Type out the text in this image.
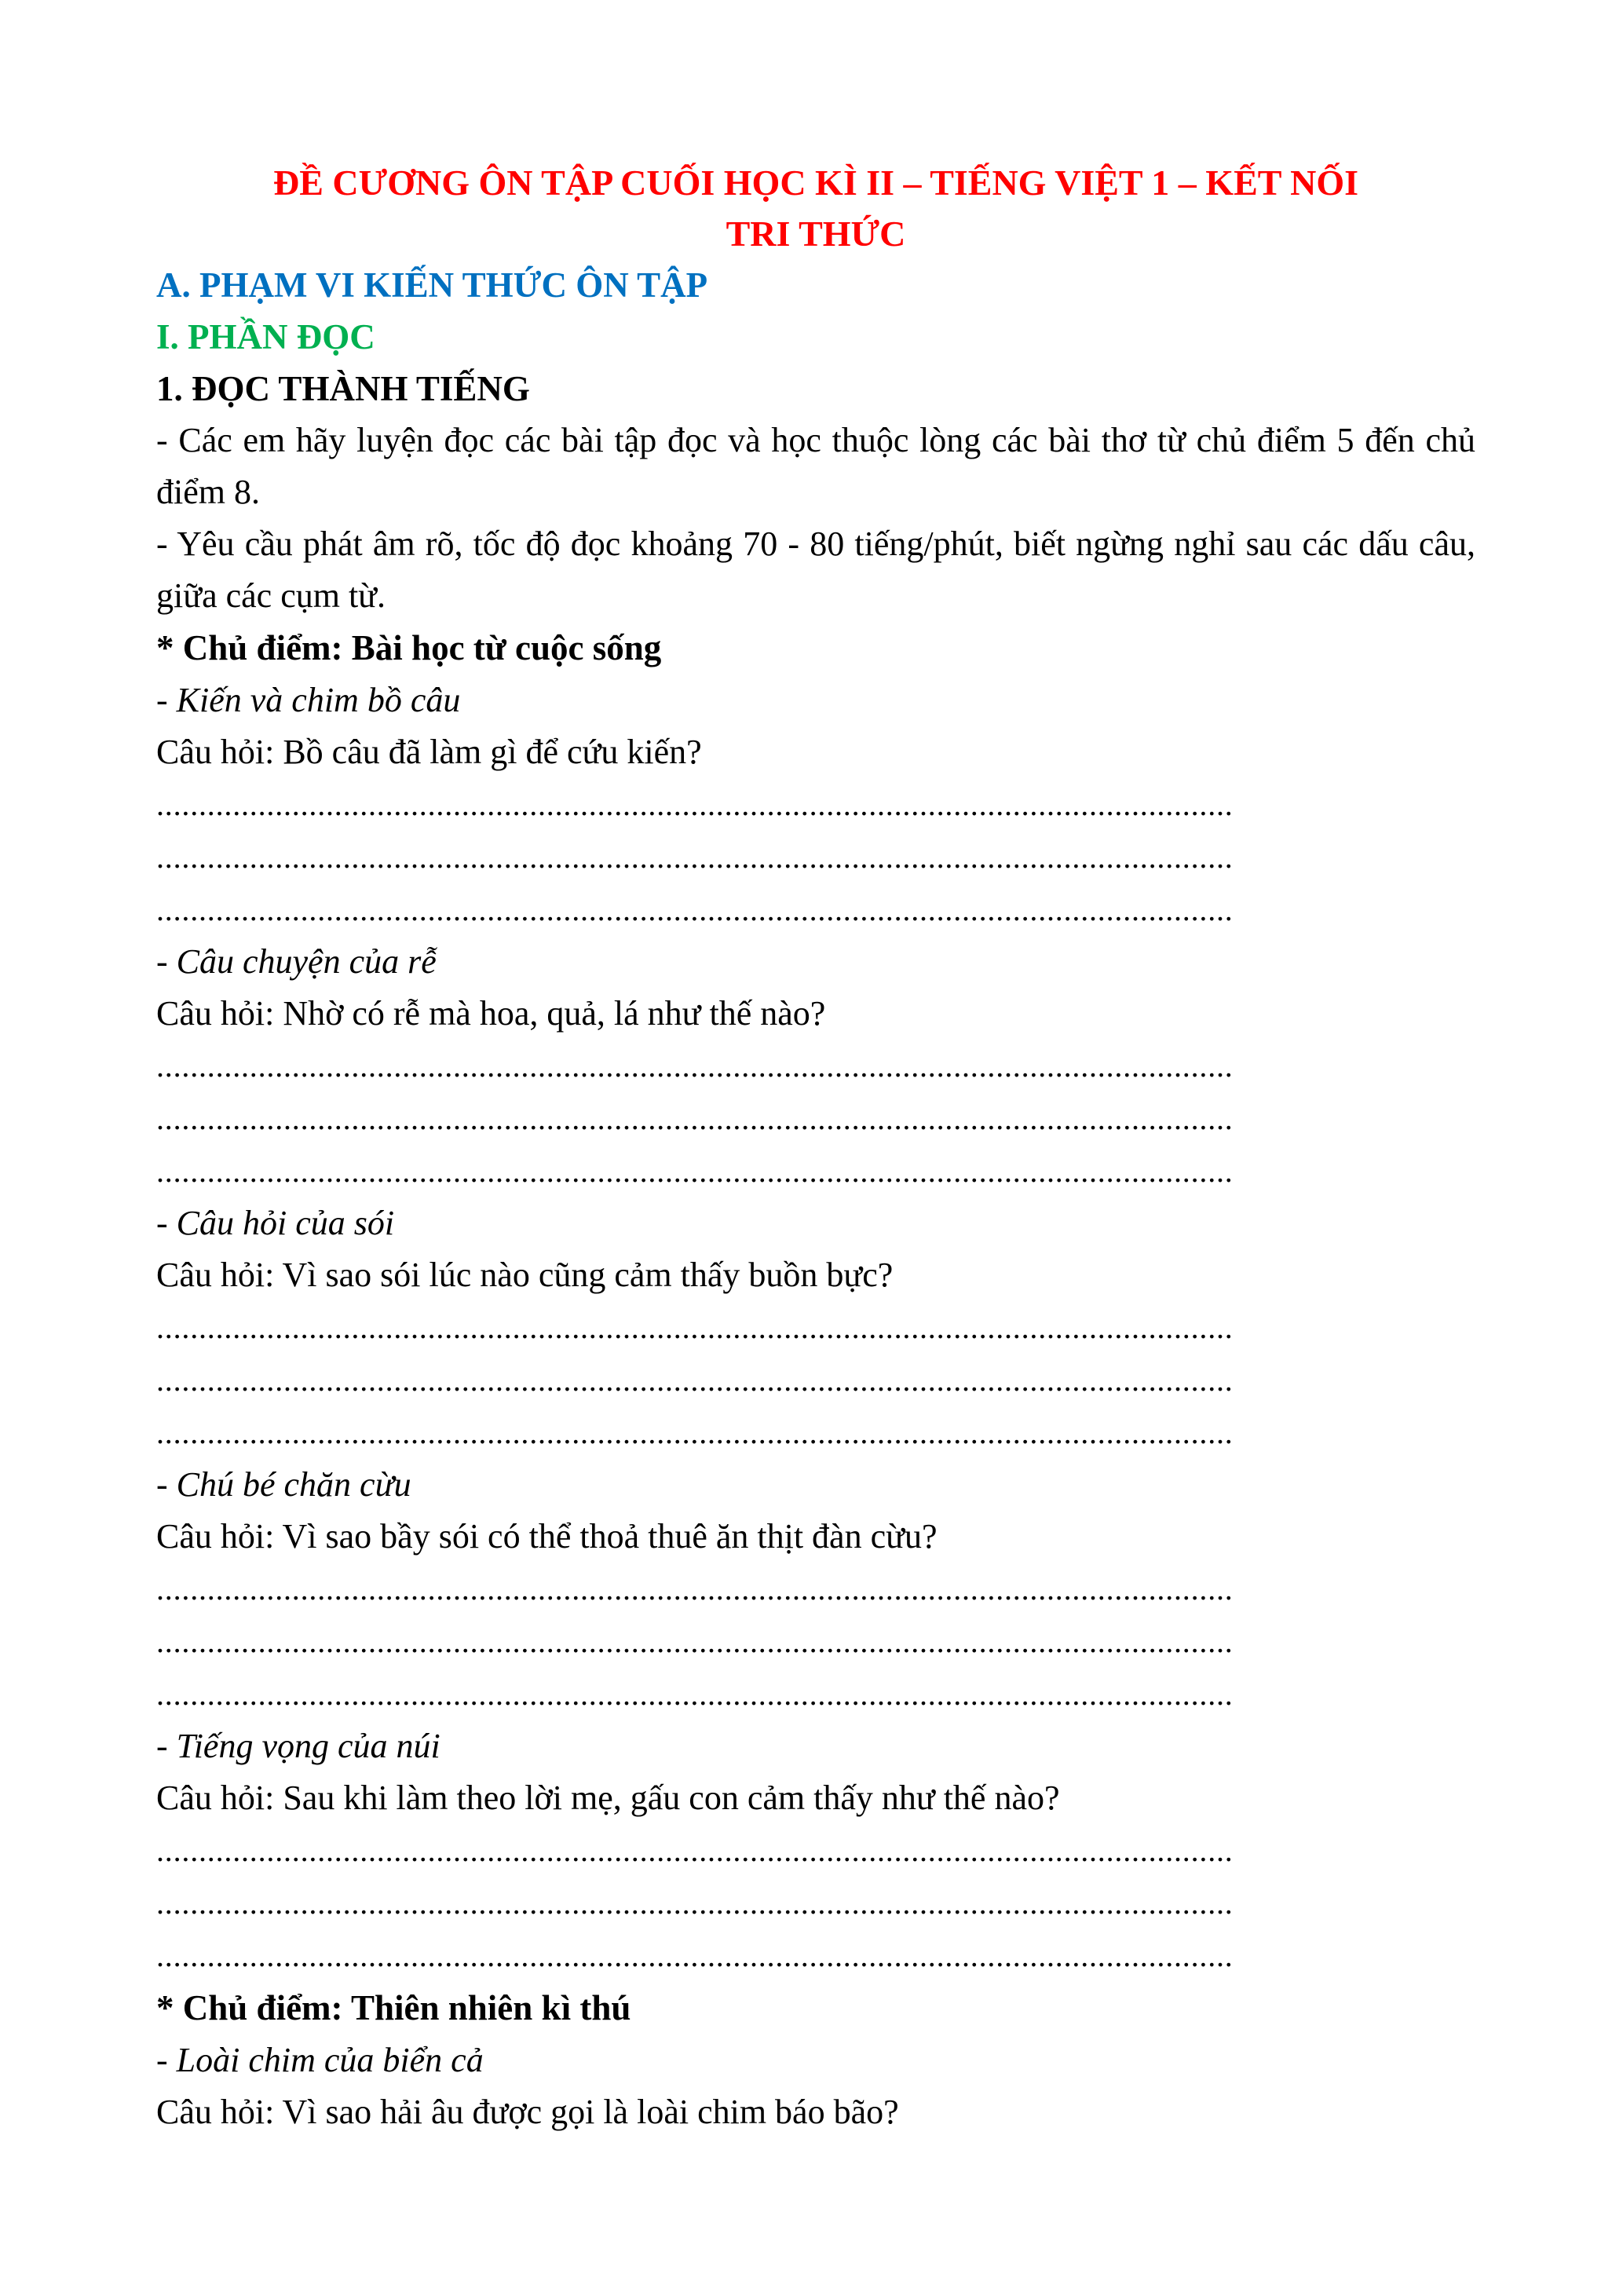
ĐỀ CƯƠNG ÔN TẬP CUỐI HỌC KÌ II – TIẾNG VIỆT 1 – KẾT NỐI

TRI THỨC

A. PHẠM VI KIẾN THỨC ÔN TẬP

I. PHẦN ĐỌC

1. ĐỌC THÀNH TIẾNG

- Các em hãy luyện đọc các bài tập đọc và học thuộc lòng các bài thơ từ chủ điểm 5 đến chủ điểm 8.

- Yêu cầu phát âm rõ, tốc độ đọc khoảng 70 - 80 tiếng/phút, biết ngừng nghỉ sau các dấu câu, giữa các cụm từ.

* Chủ điểm: Bài học từ cuộc sống

- Kiến và chim bồ câu

Câu hỏi: Bồ câu đã làm gì để cứu kiến?

...............................................................................................................................

...............................................................................................................................

...............................................................................................................................

- Câu chuyện của rễ

Câu hỏi: Nhờ có rễ mà hoa, quả, lá như thế nào?

...............................................................................................................................

...............................................................................................................................

...............................................................................................................................

- Câu hỏi của sói

Câu hỏi: Vì sao sói lúc nào cũng cảm thấy buồn bực?

...............................................................................................................................

...............................................................................................................................

...............................................................................................................................

- Chú bé chăn cừu

Câu hỏi: Vì sao bầy sói có thể thoả thuê ăn thịt đàn cừu?

...............................................................................................................................

...............................................................................................................................

...............................................................................................................................

- Tiếng vọng của núi

Câu hỏi: Sau khi làm theo lời mẹ, gấu con cảm thấy như thế nào?

...............................................................................................................................

...............................................................................................................................

...............................................................................................................................

* Chủ điểm: Thiên nhiên kì thú

- Loài chim của biển cả

Câu hỏi: Vì sao hải âu được gọi là loài chim báo bão?
